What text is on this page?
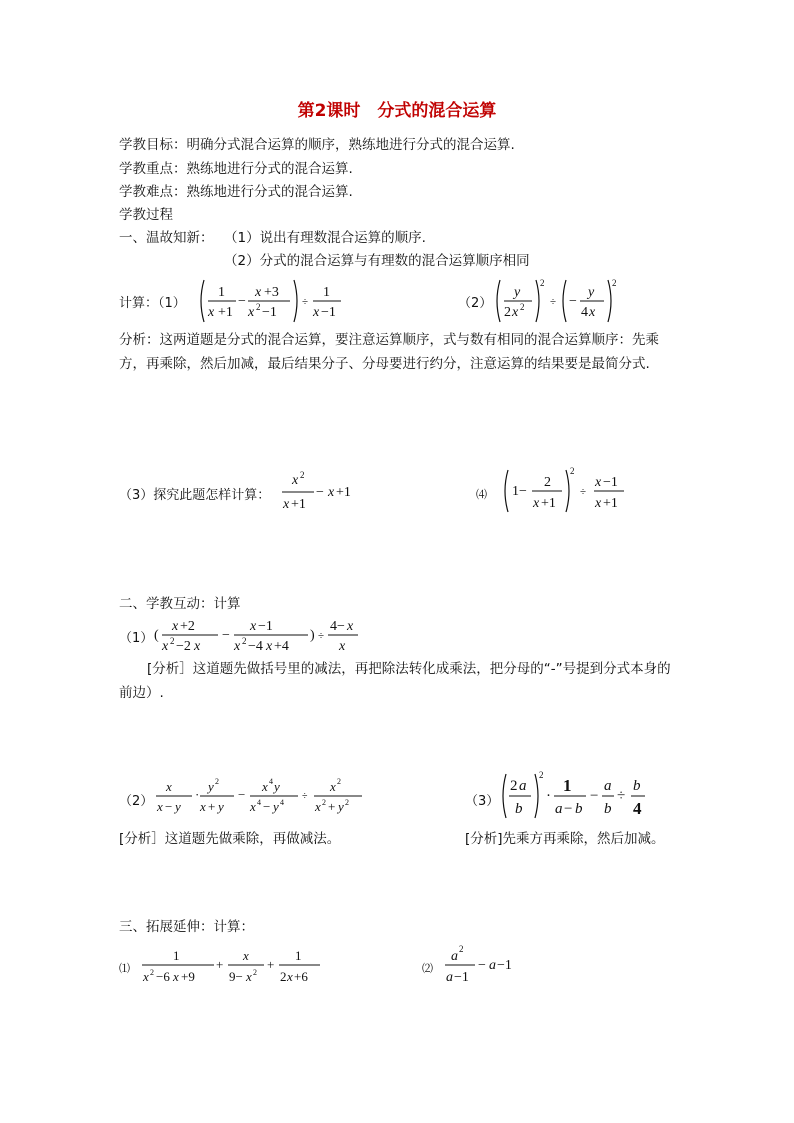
第2课时　分式的混合运算
学教目标：明确分式混合运算的顺序，熟练地进行分式的混合运算.
学教重点：熟练地进行分式的混合运算.
学教难点：熟练地进行分式的混合运算.
学教过程
一、温故知新： （1）说出有理数混合运算的顺序.
（2）分式的混合运算与有理数的混合运算顺序相同
计算：（1）
1
x +1
−
x +3
x 2 −1
÷
1
x −1
（2）
y
2 x 2
2
÷ −
y
4 x
2
分析：这两道题是分式的混合运算，要注意运算顺序，式与数有相同的混合运算顺序：先乘方，再乘除，然后加减，最后结果分子、分母要进行约分，注意运算的结果要是最简分式.
（3）探究此题怎样计算：
x 2
x +1
− x +1	⑷ 1−
2
x +1
2
÷
x −1
x +1
二、学教互动：计算
（1） (
x +2
x 2 −2 x
−
x −1
x 2 −4 x +4
) ÷
4− x
x
[分析］这道题先做括号里的减法，再把除法转化成乘法，把分母的“-”号提到分式本身的前边）.
（2）
x
x − y
·
y 2
x + y
−
x 4 y
x 4 − y 4
÷
x 2
x 2 + y 2
[分析］这道题先做乘除，再做减法。
（3）
2 a
b
2
·
1
a − b
−
a
b
÷
b
4
[分析]先乘方再乘除，然后加减。
三、拓展延伸：计算：
⑴
1
x 2 −6 x +9
+
x
9− x 2
+
1
2 x +6	⑵
a 2
a −1
− a −1
